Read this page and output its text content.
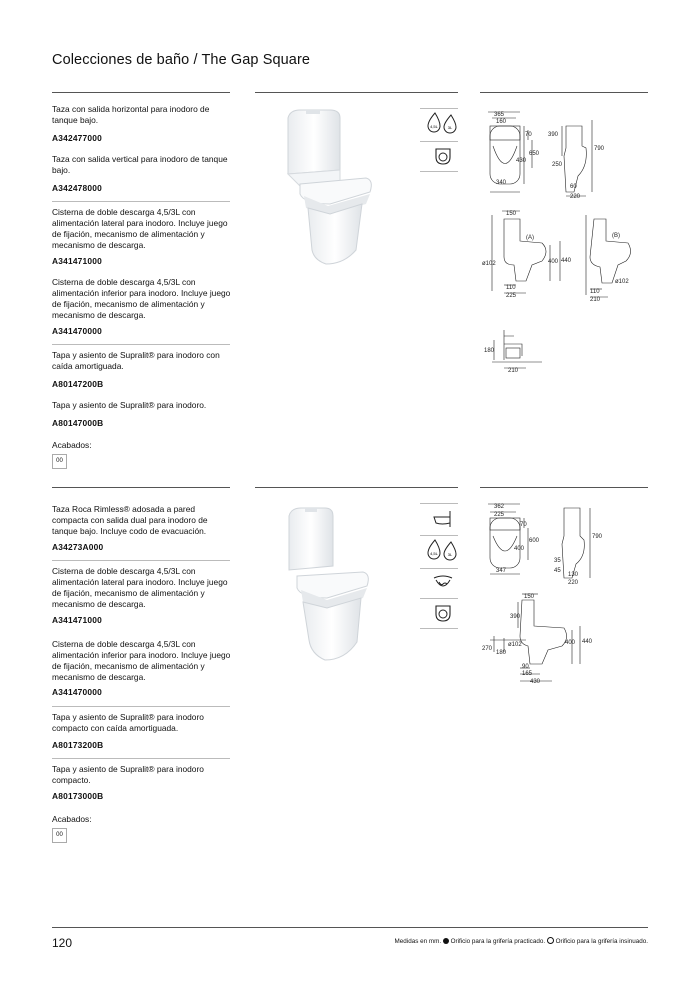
Colecciones de baño / The Gap Square
Taza con salida horizontal para inodoro de tanque bajo.
A342477000
Taza con salida vertical para inodoro de tanque bajo.
A342478000
Cisterna de doble descarga 4,5/3L con alimentación lateral para inodoro. Incluye juego de fijación, mecanismo de alimentación y mecanismo de descarga.
A341471000
Cisterna de doble descarga 4,5/3L con alimentación inferior para inodoro. Incluye juego de fijación, mecanismo de alimentación y mecanismo de descarga.
A341470000
Tapa y asiento de Supralit® para inodoro con caída amortiguada.
A80147200B
Tapa y asiento de Supralit® para inodoro.
A80147000B
Acabados:
00
4,5L 3L
365
160
70
650
430
340
390
790
250
60
220
150
(A)
ø102	400 440
110
225
(B)
ø102
110
210
180
210
Taza Roca Rimless® adosada a pared compacta con salida dual para inodoro de tanque bajo. Incluye codo de evacuación.
A34273A000
Cisterna de doble descarga 4,5/3L con alimentación lateral para inodoro. Incluye juego de fijación, mecanismo de alimentación y mecanismo de descarga.
A341471000
Cisterna de doble descarga 4,5/3L con alimentación inferior para inodoro. Incluye juego de fijación, mecanismo de alimentación y mecanismo de descarga.
A341470000
Tapa y asiento de Supralit® para inodoro compacto con caída amortiguada.
A80173200B
Tapa y asiento de Supralit® para inodoro compacto.
A80173000B
Acabados:
00
4,5L 3L
362
225
70
600
400
347
790
35
45
130
220
150
390
ø102
270
180
400 440
90
165
430
120	Medidas en mm. Orificio para la grifería practicado. Orificio para la grifería insinuado.
